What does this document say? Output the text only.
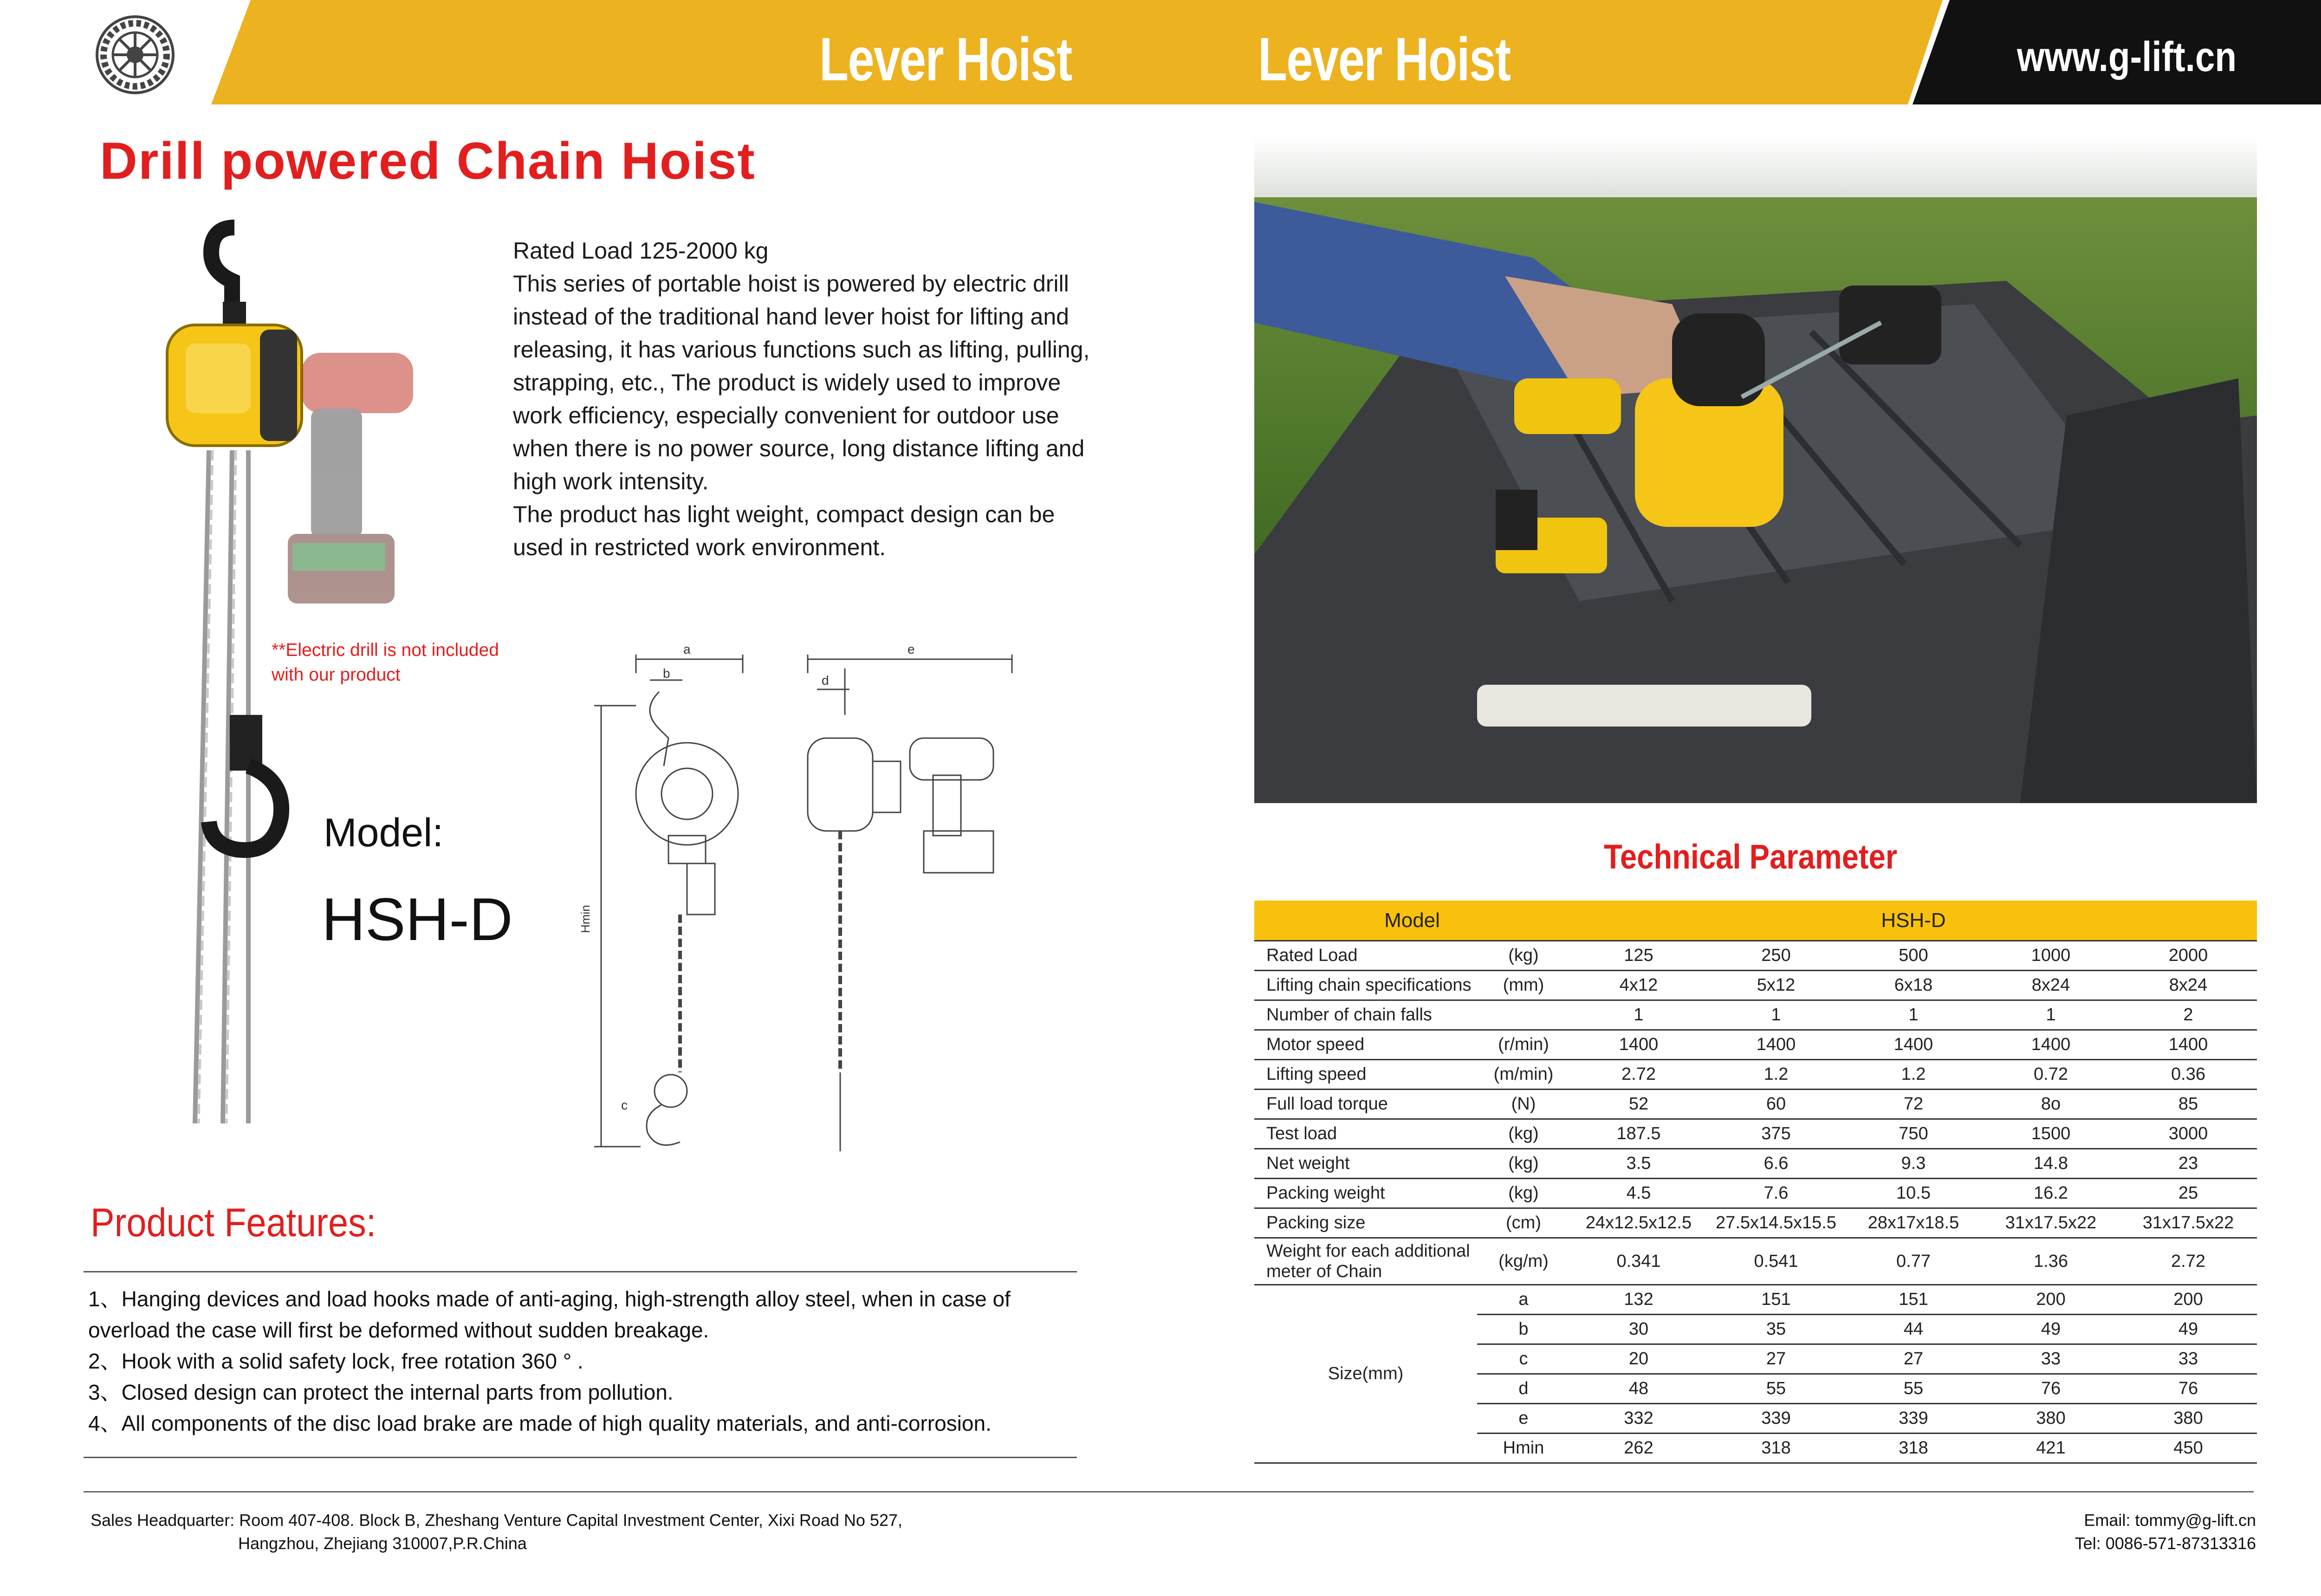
Lever Hoist	Lever Hoist	www.g-lift.cn
Drill powered Chain Hoist

Rated Load 125-2000 kg

This series of portable hoist is powered by electric drill instead of the traditional hand lever hoist for lifting and releasing, it has various functions such as lifting, pulling, strapping, etc., The product is widely used to improve work efficiency, especially convenient for outdoor use when there is no power source, long distance lifting and high work intensity.

The product has light weight, compact design can be used in restricted work environment.

**Electric drill is not included
with our product
Model:
HSH-D
a
b
c
d
e
Hmin
Product Features:

1、Hanging devices and load hooks made of anti-aging, high-strength alloy steel, when in case of overload the case will first be deformed without sudden breakage.

2、Hook with a solid safety lock, free rotation 360 ° .

3、Closed design can protect the internal parts from pollution.

4、All components of the disc load brake are made of high quality materials, and anti-corrosion.

Technical Parameter
Model		HSH-D				
Rated Load	(kg)	125	250	500	1000	2000
Lifting chain specifications	(mm)	4x12	5x12	6x18	8x24	8x24
Number of chain falls		1	1	1	1	2
Motor speed	(r/min)	1400	1400	1400	1400	1400
Lifting speed	(m/min)	2.72	1.2	1.2	0.72	0.36
Full load torque	(N)	52	60	72	8o	85
Test load	(kg)	187.5	375	750	1500	3000
Net weight	(kg)	3.5	6.6	9.3	14.8	23
Packing weight	(kg)	4.5	7.6	10.5	16.2	25
Packing size	(cm)	24x12.5x12.5	27.5x14.5x15.5	28x17x18.5	31x17.5x22	31x17.5x22

Weight for each additional
meter of Chain	(kg/m)	0.341	0.541	0.77	1.36	2.72
Size(mm)	a	132	151	151	200	200
	b	30	35	44	49	49
	c	20	27	27	33	33
	d	48	55	55	76	76
	e	332	339	339	380	380
	Hmin	262	318	318	421	450
Sales Headquarter: Room 407-408. Block B, Zheshang Venture Capital Investment Center, Xixi Road No 527,
Hangzhou, Zhejiang 310007,P.R.China
Email: tommy@g-lift.cn
Tel: 0086-571-87313316
